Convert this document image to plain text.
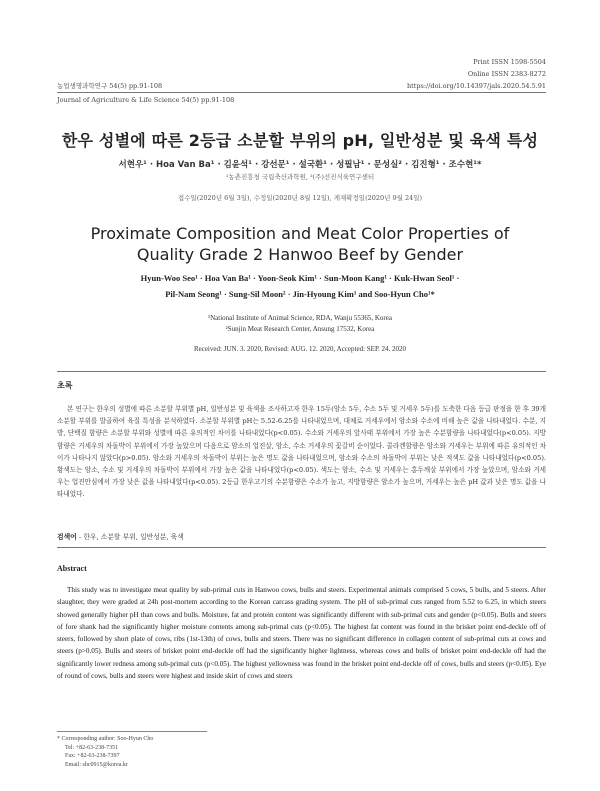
Print ISSN 1598-5504
Online ISSN 2383-8272
농업생명과학연구 54(5) pp.91-108	https://doi.org/10.14397/jals.2020.54.5.91
Journal of Agriculture & Life Science 54(5) pp.91-108
한우 성별에 따른 2등급 소분할 부위의 pH, 일반성분 및 육색 특성
서현우¹ · Hoa Van Ba¹ · 김윤석¹ · 강선문¹ · 설국환¹ · 성필남¹ · 문성실² · 김진형¹ · 조수현¹*
¹농촌진흥청 국립축산과학원, ²(주)선진식육연구센터
접수일(2020년 6월 3일), 수정일(2020년 8월 12일), 게재확정일(2020년 9월 24일)
Proximate Composition and Meat Color Properties of
Quality Grade 2 Hanwoo Beef by Gender
Hyun-Woo Seo¹ · Hoa Van Ba¹ · Yoon-Seok Kim¹ · Sun-Moon Kang¹ · Kuk-Hwan Seol¹ ·
Pil-Nam Seong¹ · Sung-Sil Moon² · Jin-Hyoung Kim¹ and Soo-Hyun Cho¹*
¹National Institute of Animal Science, RDA, Wanju 55365, Korea
²Sunjin Meat Research Center, Ansung 17532, Korea
Received: JUN. 3. 2020, Revised: AUG. 12. 2020, Accepted: SEP. 24. 2020
초록
본 연구는 한우의 성별에 따른 소분할 부위별 pH, 일반성분 및 육색을 조사하고자 한우 15두(암소 5두, 수소 5두 및 거세우 5두)를 도축한 다음 등급 판정을 한 후 39개 소분할 부위를 발골하여 육질 특성을 분석하였다. 소분할 부위별 pH는 5.52-6.25를 나타내었으며, 대체로 거세우에서 암소와 수소에 비해 높은 값을 나타내었다. 수분, 지방, 단백질 함량은 소분할 부위와 성별에 따른 유의적인 차이를 나타내었다(p<0.05). 수소와 거세우의 앞사태 부위에서 가장 높은 수분함량을 나타내었다(p<0.05). 지방함량은 거세우의 차돌박이 부위에서 가장 높았으며 다음으로 암소의 업진살, 암소, 수소 거세우의 꽃갈비 순이었다. 콜라겐함량은 암소와 거세우는 부위에 따른 유의적인 차이가 나타나지 않았다(p>0.05). 암소와 거세우의 차돌박이 부위는 높은 명도 값을 나타내었으며, 암소와 수소의 차돌박이 부위는 낮은 적색도 값을 나타내었다(p<0.05). 황색도는 암소, 수소 및 거세우의 차돌박이 부위에서 가장 높은 값을 나타내었다(p<0.05). 색도는 암소, 수소 및 거세우는 홍두깨살 부위에서 가장 높았으며, 암소와 거세우는 업진안심에서 가장 낮은 값을 나타내었다(p<0.05). 2등급 한우고기의 수분함량은 수소가 높고, 지방함량은 암소가 높으며, 거세우는 높은 pH 값과 낮은 명도 값을 나타내었다.
검색어 - 한우, 소분할 부위, 일반성분, 육색
Abstract
This study was to investigate meat quality by sub-primal cuts in Hanwoo cows, bulls and steers. Experimental animals comprised 5 cows, 5 bulls, and 5 steers. After slaughter, they were graded at 24h post-mortem according to the Korean carcass grading system. The pH of sub-primal cuts ranged from 5.52 to 6.25, in which steers showed generally higher pH than cows and bulls. Moisture, fat and protein content was significantly different with sub-primal cuts and gender (p<0.05). Bulls and steers of fore shank had the significantly higher moisture contents among sub-primal cuts (p<0.05). The highest fat content was found in the brisket point end-deckle off of steers, followed by short plate of cows, ribs (1st-13th) of cows, bulls and steers. There was no significant difference in collagen content of sub-primal cuts at cows and steers (p>0.05). Bulls and steers of brisket point end-deckle off had the significantly higher lightness, whereas cows and bulls of brisket point end-deckle off had the significantly lower redness among sub-primal cuts (p<0.05). The highest yellowness was found in the brisket point end-deckle off of cows, bulls and steers (p<0.05). Eye of round of cows, bulls and steers were highest and inside skirt of cows and steers
* Corresponding author: Soo-Hyun Cho
Tel: +82-63-238-7351
Fax: +82-63-238-7397
Email: shc0915@korea.kr
